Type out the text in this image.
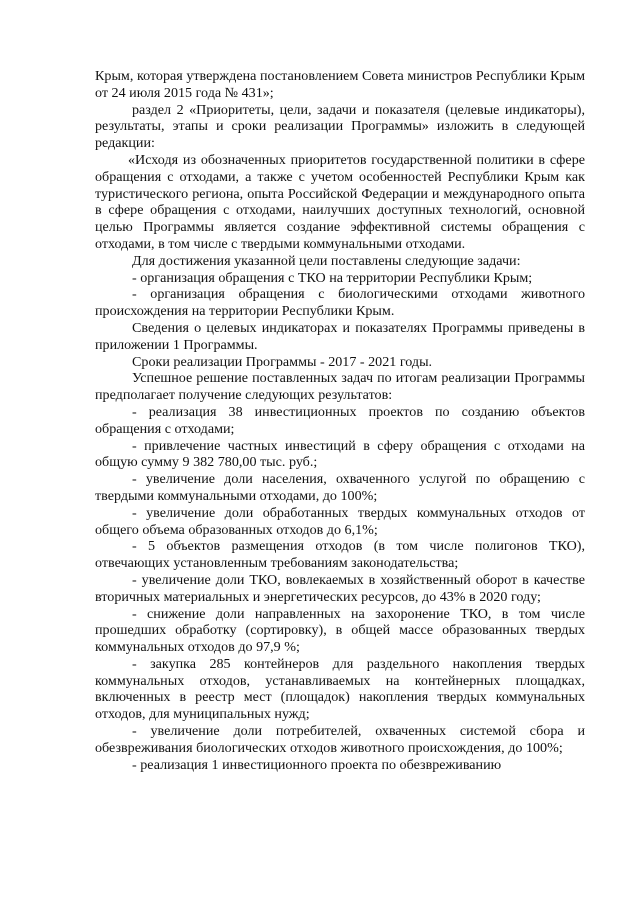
Крым, которая утверждена постановлением Совета министров Республики Крым от 24 июля 2015 года № 431»;

раздел 2 «Приоритеты, цели, задачи и показателя (целевые индикаторы), результаты, этапы и сроки реализации Программы» изложить в следующей редакции:

«Исходя из обозначенных приоритетов государственной политики в сфере обращения с отходами, а также с учетом особенностей Республики Крым как туристического региона, опыта Российской Федерации и международного опыта в сфере обращения с отходами, наилучших доступных технологий, основной целью Программы является создание эффективной системы обращения с отходами, в том числе с твердыми коммунальными отходами.

Для достижения указанной цели поставлены следующие задачи:

- организация обращения с ТКО на территории Республики Крым;

- организация обращения с биологическими отходами животного происхождения на территории Республики Крым.

Сведения о целевых индикаторах и показателях Программы приведены в приложении 1 Программы.

Сроки реализации Программы - 2017 - 2021 годы.

Успешное решение поставленных задач по итогам реализации Программы предполагает получение следующих результатов:

- реализация 38 инвестиционных проектов по созданию объектов обращения с отходами;

- привлечение частных инвестиций в сферу обращения с отходами на общую сумму 9 382 780,00 тыс. руб.;

- увеличение доли населения, охваченного услугой по обращению с твердыми коммунальными отходами, до 100%;

- увеличение доли обработанных твердых коммунальных отходов от общего объема образованных отходов до 6,1%;

- 5 объектов размещения отходов (в том числе полигонов ТКО), отвечающих установленным требованиям законодательства;

- увеличение доли ТКО, вовлекаемых в хозяйственный оборот в качестве вторичных материальных и энергетических ресурсов, до 43% в 2020 году;

- снижение доли направленных на захоронение ТКО, в том числе прошедших обработку (сортировку), в общей массе образованных твердых коммунальных отходов до 97,9 %;

- закупка 285 контейнеров для раздельного накопления твердых коммунальных отходов, устанавливаемых на контейнерных площадках, включенных в реестр мест (площадок) накопления твердых коммунальных отходов, для муниципальных нужд;

- увеличение доли потребителей, охваченных системой сбора и обезвреживания биологических отходов животного происхождения, до 100%;

- реализация 1 инвестиционного проекта по обезвреживанию
